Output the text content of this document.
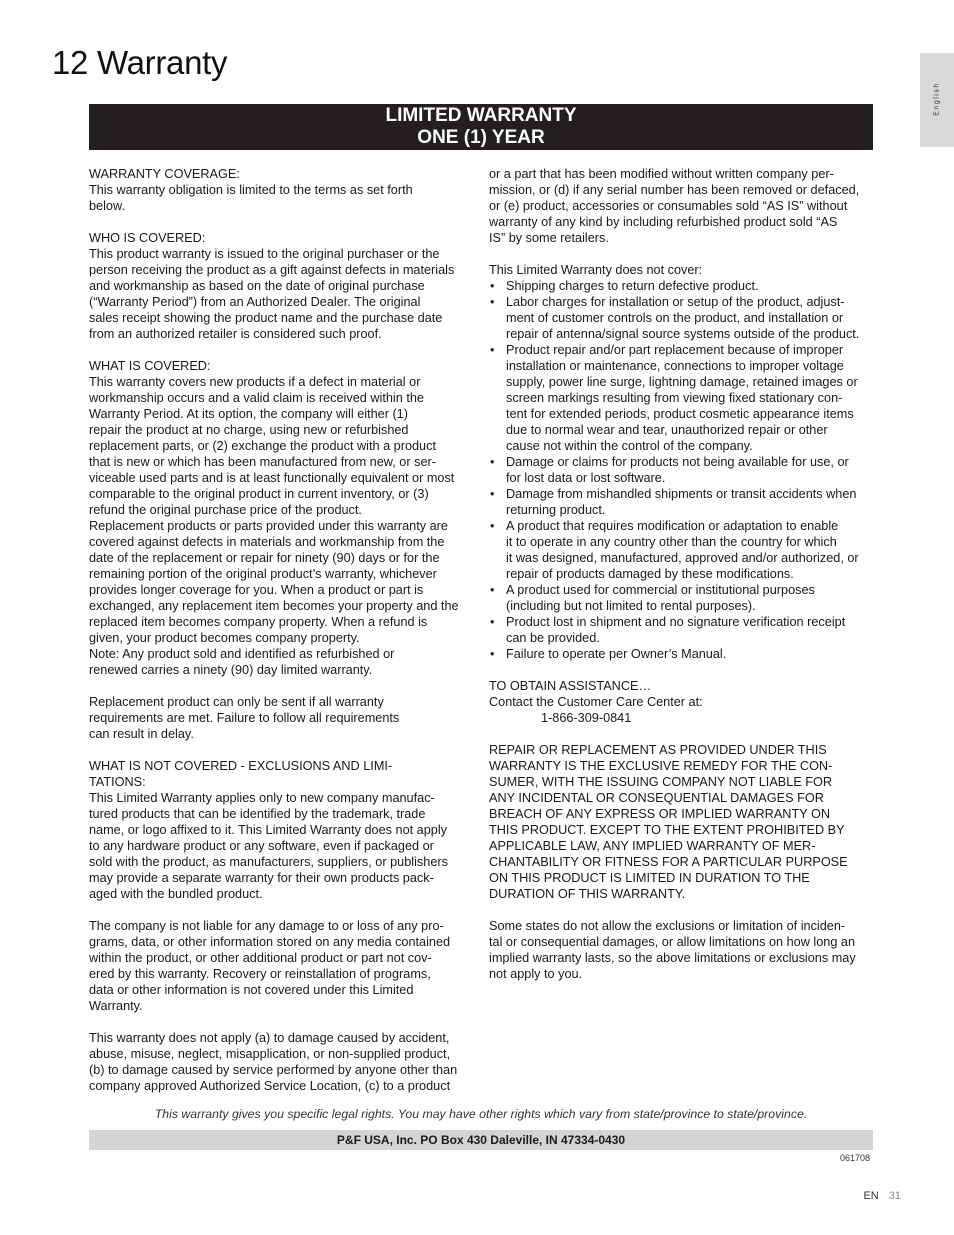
12 Warranty
English
LIMITED WARRANTY
ONE (1) YEAR

WARRANTY COVERAGE:

This warranty obligation is limited to the terms as set forth
below.

WHO IS COVERED:

This product warranty is issued to the original purchaser or the
person receiving the product as a gift against defects in materials
and workmanship as based on the date of original purchase
(“Warranty Period”) from an Authorized Dealer. The original
sales receipt showing the product name and the purchase date
from an authorized retailer is considered such proof.

WHAT IS COVERED:

This warranty covers new products if a defect in material or
workmanship occurs and a valid claim is received within the
Warranty Period. At its option, the company will either (1)
repair the product at no charge, using new or refurbished
replacement parts, or (2) exchange the product with a product
that is new or which has been manufactured from new, or ser-
viceable used parts and is at least functionally equivalent or most
comparable to the original product in current inventory, or (3)
refund the original purchase price of the product.
Replacement products or parts provided under this warranty are
covered against defects in materials and workmanship from the
date of the replacement or repair for ninety (90) days or for the
remaining portion of the original product’s warranty, whichever
provides longer coverage for you. When a product or part is
exchanged, any replacement item becomes your property and the
replaced item becomes company property. When a refund is
given, your product becomes company property.
Note: Any product sold and identified as refurbished or
renewed carries a ninety (90) day limited warranty.

Replacement product can only be sent if all warranty
requirements are met. Failure to follow all requirements
can result in delay.

WHAT IS NOT COVERED - EXCLUSIONS AND LIMI-
TATIONS:

This Limited Warranty applies only to new company manufac-
tured products that can be identified by the trademark, trade
name, or logo affixed to it. This Limited Warranty does not apply
to any hardware product or any software, even if packaged or
sold with the product, as manufacturers, suppliers, or publishers
may provide a separate warranty for their own products pack-
aged with the bundled product.

The company is not liable for any damage to or loss of any pro-
grams, data, or other information stored on any media contained
within the product, or other additional product or part not cov-
ered by this warranty. Recovery or reinstallation of programs,
data or other information is not covered under this Limited
Warranty.

This warranty does not apply (a) to damage caused by accident,
abuse, misuse, neglect, misapplication, or non-supplied product,
(b) to damage caused by service performed by anyone other than
company approved Authorized Service Location, (c) to a product

or a part that has been modified without written company per-
mission, or (d) if any serial number has been removed or defaced,
or (e) product, accessories or consumables sold “AS IS” without
warranty of any kind by including refurbished product sold “AS
IS” by some retailers.

This Limited Warranty does not cover:

• Shipping charges to return defective product.
• Labor charges for installation or setup of the product, adjust-
ment of customer controls on the product, and installation or
repair of antenna/signal source systems outside of the product.
• Product repair and/or part replacement because of improper
installation or maintenance, connections to improper voltage
supply, power line surge, lightning damage, retained images or
screen markings resulting from viewing fixed stationary con-
tent for extended periods, product cosmetic appearance items
due to normal wear and tear, unauthorized repair or other
cause not within the control of the company.
• Damage or claims for products not being available for use, or
for lost data or lost software.
• Damage from mishandled shipments or transit accidents when
returning product.
• A product that requires modification or adaptation to enable
it to operate in any country other than the country for which
it was designed, manufactured, approved and/or authorized, or
repair of products damaged by these modifications.
• A product used for commercial or institutional purposes
(including but not limited to rental purposes).
• Product lost in shipment and no signature verification receipt
can be provided.
• Failure to operate per Owner’s Manual.

TO OBTAIN ASSISTANCE…

Contact the Customer Care Center at:

1-866-309-0841

REPAIR OR REPLACEMENT AS PROVIDED UNDER THIS
WARRANTY IS THE EXCLUSIVE REMEDY FOR THE CON-
SUMER, WITH THE ISSUING COMPANY NOT LIABLE FOR
ANY INCIDENTAL OR CONSEQUENTIAL DAMAGES FOR
BREACH OF ANY EXPRESS OR IMPLIED WARRANTY ON
THIS PRODUCT. EXCEPT TO THE EXTENT PROHIBITED BY
APPLICABLE LAW, ANY IMPLIED WARRANTY OF MER-
CHANTABILITY OR FITNESS FOR A PARTICULAR PURPOSE
ON THIS PRODUCT IS LIMITED IN DURATION TO THE
DURATION OF THIS WARRANTY.

Some states do not allow the exclusions or limitation of inciden-
tal or consequential damages, or allow limitations on how long an
implied warranty lasts, so the above limitations or exclusions may
not apply to you.

This warranty gives you specific legal rights. You may have other rights which vary from state/province to state/province.
P&F USA, Inc. PO Box 430 Daleville, IN 47334-0430
061708
EN 31
